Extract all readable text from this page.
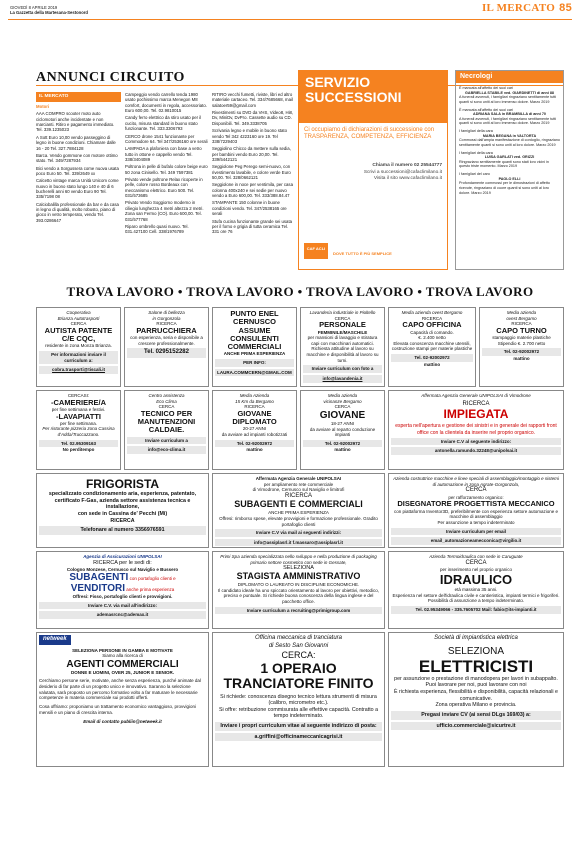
GIOVEDÌ 8 APRILE 2019
La Gazzetta della Martesana-Sestonord	IL MERCATO 85
ANNUNCI CIRCUITO
IL MERCATO
Motori

AAA COMPRO scooter moto auto ciclomotori anche incidentate e non marcianti. Ritiro e pagamento immediato. Tel. 339.1235023

A Sott Euro 10,00 vendo passeggino di legno in buone condizioni. Chiamare dalle 16 - 20 Tel. 327.7884128

Barca. Vendo gommone con motore ottimo stato. Tel. 349/7287934

Bici vendo a Sorgussera come nuova usata poco Euro 50. Tel. 339/2649 xx

Calcetto vintage marca Unità Unicom come nuovo in buono stato lungo 140 e 40 di 6 bucherelli anni 60 vendo Euro 90 Tel. 335/7198 08

Calciobalilla professionale da bar e da casa in legno di qualità, molto robusto, piano di gioco in vetro temperato, vendo Tel. 393.0286647

Campeggio vendo carrello tenda 1980 usato pochissimo marca Menegon M8 comfort, documenti in regola, accessoriato. Euro 600,00. Tel. 02.9810015

Candy ferro elettrico da stiro usato per il cucito, misura standard in buono stato funzionante. Tel. 333.3306793

CERCO drone 1541 funzionante per Commodore 64. Tel 347/2536160 ore serali

LAMPADA a plafoniera con base a vetro tutto in ottone e cappello vendo Tel. 338/3404089

Poltrona in pelle di bufalo colore beige euro 50 zona Cinisello. Tel. 349 7597381

Privato vende poltrone Relax ricoperte in pelle, colore rosso Bordeaux con meccanismo elettrico. Euro 500. Tel. 031/573685

Privato Vendo Soggiorno moderno in ciliegio lunghezza 4 metri altezza 2 metri. Zona san Fermo (CO). Euro 600,00. Tel. 031/577768

Riparo ombrello quasi nuovo. Tel. 031.427100 Cell. 338/1976789

RITIRO vecchi fumetti, riviste, libri ed altro materiale cartaceo. Tel. 334/7685668, mail salatoer59@gmail.com

Rivestimenti su DVD da VHS, Video8, Hi8, Dv, MiniDv, DvPro. Cassette audio su CD. Disponibili. Tel. 349.3338705

Scrivania legno e mobile in buono stato vendo Tel 342 4223160 ore 19. Tel 338/7229403

Seggiolino Chicco da mettere sulla sedia, per bambini vendo Euro 20,00. Tel. 339/5442121

Seggiolone Peg Perego semi-nuovo, con rivestimento lavabile, e colore verde Euro 50,00. Tel. 328/0662121

Seggiolone in noce per ventimila, per casa colonna 400x240 e sei sedie per nuovo vendo a Euro 600,00. Tel. 333/388.84.47

STAMPANTE 150 colonne in buone condizioni vendo. Tel. 347/2538165 ore serali

Stufa cucina funzionante grande sei usata per il forno e grigia di tutta ceramica Tel. 331 ore 76

SERVIZIO
SUCCESSIONI
Ci occupiamo di dichiarazioni di successione con TRASPARENZA, COMPETENZA, EFFICIENZA
Chiama il numero 02 25544777
Scrivi a successioni@cafaclimilano.it
Visita il sito www.cafaclimilano.it
CAF ACLI
DOVE TUTTO È PIÙ SEMPLICE
Necrologi
È mancata all'affetto dei suoi cari
GABRIELLA STABILE ved. GIARDINETTI di anni 88
A funerali avvenuti, i famigliari ringraziano sentitamente tutti quanti si sono uniti al loro immenso dolore. Marzo 2019
È mancata all'affetto dei suoi cari
ADRIANA SALA in BRAMBILLA di anni 70
A funerali avvenuti, i famigliari ringraziano sentitamente tutti quanti si sono uniti al loro immenso dolore. Marzo 2019
I famigliari della cara
MARIA BEGANA in VALTORTA
Commossi dall'ampia manifestazione di cordoglio, ringraziano sentitamente quanti si sono uniti al loro dolore. Marzo 2019
I famigliari della cara
LUISA GARLATI ved. GRIZZI
Ringraziano sentitamente quanti sono stati loro vicini in questo triste momento. Marzo 2019
I famigliari del caro
PAOLO ELLI
Profondamente commossi per le dimostrazioni di affetto ricevute, ringraziano di cuore quanti si sono uniti al loro dolore. Marzo 2019
TROVA LAVORO • TROVA LAVORO • TROVA LAVORO • TROVA LAVORO
Cooperativa
Brianza Autotrasporti
CERCA
AUTISTA PATENTE
C/E CQC,
residente in zona Monza Brianza.
Per informazioni inviare il curriculum a:
cobra.trasporti@tiscali.it
Salone di bellezza
in Gorgonzola
RICERCA
PARRUCCHIERA
con esperienza, seria e disponibile a crescere professionalmente.
Tel. 0295152282
PUNTO ENEL
CERNUSCO
ASSUME
CONSULENTI
COMMERCIALI
ANCHE PRIMA ESPERIENZA
PER INFO:
LAURA.COMMCERN@GMAIL.COM
Lavanderia industriale in Pioltello
CERCA
PERSONALE
FEMMINILE/MASCHILE
per mansioni di lavaggio e stiratura capi con macchinari automatici. Richiesta attitudine al lavoro su macchine e disponibilità al lavoro su turni.
Inviare curriculum con foto a
info@lavandenia.it
Media azienda ovest Bergamo
RICERCA
CAPO OFFICINA
Capacità di comando.
€. 2.400 netto
Elevata conoscenza macchine utensili, costruzione stampi per materie plastiche
Tel. 02-92002972
mattino
Media azienda
ovest Bergamo
RICERCA
CAPO TURNO
stampaggio materie plastiche
Stipendio €. 2.700 netto
Tel. 02-92002972
mattino
CERCASI:
-CAMERIERE/A
per fine settimana e festivi.
-LAVAPIATTI
per fine settimana.
Per ristorante pizzeria zona Cassina d'Adda/Truccazzano.
Tel. 02.95309163
No perditempo
Centro assistenza
Eco Clima
CERCA
TECNICO PER
MANUTENZIONI
CALDAIE.
Inviare curriculum a
info@eco-clima.it
Media Azienda
15 Km da Bergamo
RICERCA
GIOVANE
DIPLOMATO
20-27 ANNI
da avviare ad impianti robotizzati
Tel. 02-92002972
mattino
Media azienda
vicinanze Bergamo
CERCA
GIOVANE
18-27 ANNI
da avviare al reparto conduzione impianti
Tel. 02-92002972
mattino
Affermata Agenzia Generale UNIPOLSAI di Vimodrone
RICERCA
IMPIEGATA
esperta nell'apertura e gestione dei sinistri e in generale dei rapporti front office con la clientela da inserire nel proprio organico.
Inviare C.V al seguente indirizzo:
antonella.ramundo.32248@unipolsai.it
FRIGORISTA
specializzato condizionamento aria, esperienza, patentato, certificato F-Gas, azienda settore assistenza tecnica e installazione,
con sede in Cassina de' Pecchi (Mi)
RICERCA
Telefonare al numero 3356976591
Affermata Agenzia Generale UNIPOLSAI
per ampliamento rete commerciale
di Vimodrone, Cernusco sul Naviglio e limitrofi
RICERCA
SUBAGENTI E COMMERCIALI
ANCHE PRIMA ESPERIENZA
Offresi: rimborso spese, elevate provvigioni e formazione professionale. Gradito portafoglio clienti
Inviare C.V via mail ai seguenti indirizzi:
info@assiplasrl.it f.massaro@assiplasrl.it
Azienda costruttrice macchine e linee speciali di assemblaggio/montaggio e sistemi di automazione in zona Agrate-Gorgonzola,
CERCA
per rafforzamento organico:
DISEGNATORE PROGETTISTA MECCANICO
con piattaforma Inventor3D, preferibilmente con esperienza settore automazione e macchine di assemblaggio
Per assunzione a tempo indeterminato
Inviare curriculum per email
email_automazioneamecconica@virgilio.it
Agenzia di Assicurazioni UNIPOLSAI
RICERCA per le sedi di:
Cologno Monzese, Cernusco sul Naviglio e Bussero
SUBAGENTI con portafoglio clienti e
VENDITORI anche prima esperienza
Offresi: Fisso, portafoglio clienti e provvigioni.
Inviare C.V. via mail all'indirizzo:
ademasrcnc@ademax.it
Primi Spa azienda specializzata nello sviluppo e nella produzione di packaging primario settore cosmetico con sede in Gessate,
SELEZIONA
STAGISTA AMMINISTRATIVO
DIPLOMATO O LAUREATO IN DISCIPLINE ECONOMICHE.
Il candidato ideale ha uno spiccato orientamento al lavoro per obiettivi, metodico, preciso e puntuale. Si richiede buona conoscenza della lingua inglese e del pacchetto office.
Inviare curriculum a recruiting@primigroup.com
Azienda Termoidraulica con sede in Caruguate
CERCA
per inserimento nel proprio organico
IDRAULICO
età massima 35 anni.
Esperienza nel settore dell'idraulica civile e cantieristica, impianti termici e frigoriferi.
Possibilità di assunzione a tempo indeterminato.
Tel. 02.95349066 - 335.7605702 Mail: fabio@its-impianti.it
netweek
SELEZIONA PERSONE IN GAMBA E MOTIVATE
Siamo alla ricerca di
AGENTI COMMERCIALI
DONNE E UOMINI, OVER 25, JUNIOR E SENIOR.
Cerchiamo persone serie, motivate, anche senza esperienza, purché animate dal desiderio di far parte di un progetto unico e innovativo. Saranno la selezione valutata, sarà proposto un percorso formativo volto a far maturare le necessarie competenze in materia commerciale sui prodotti offerti.
Cosa offriamo: proponiamo un trattamento economico vantaggioso, provvigioni mensili e un piano di crescita interna.
Email di contatto publiin@netweek.it
Officina meccanica di tranciatura
di Sesto San Giovanni
CERCA:
1 OPERAIO
TRANCIATORE FINITO
Si richiede: conoscenza disegno tecnico lettura strumenti di misura (calibro, micrometro etc.).
Si offre: retribuzione commisurata alle effettive capacità. Contratto a tempo indeterminato.
Inviare i propri curriculum vitae al seguente indirizzo di posta:
a.griffini@officinameccanicagrisi.it
Società di impiantistica elettrica
SELEZIONA
ELETTRICISTI
per assunzione o prestazione di manodopera per lavori in subappalto.
Puoi lavorare per noi, puoi lavorare con noi
È richiesta esperienza, flessibilità e disponibilità, capacità relazionali e comunicative.
Zona operativa Milano e provincia.
Pregasi inviare CV (ai sensi DLgs 169/03) a:
ufficio.commerciale@sicurtre.it
